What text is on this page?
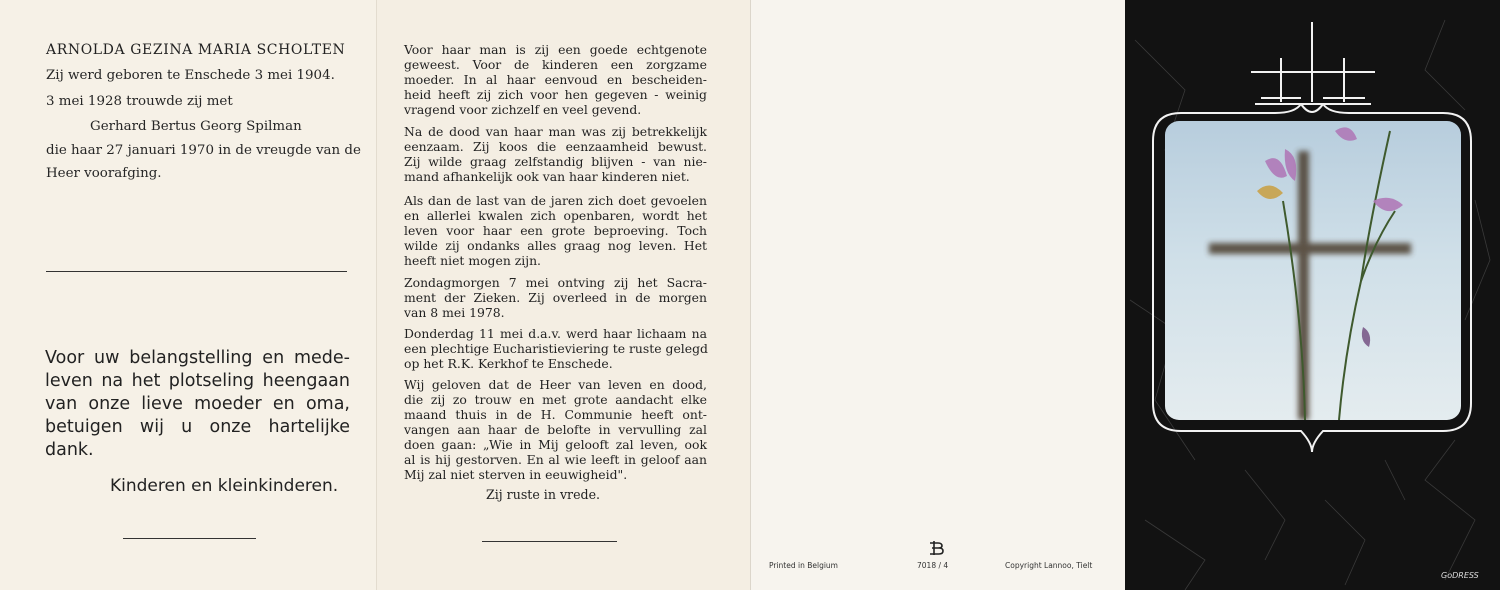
ARNOLDA GEZINA MARIA SCHOLTEN
Zij werd geboren te Enschede 3 mei 1904.
3 mei 1928 trouwde zij met
Gerhard Bertus Georg Spilman
die haar 27 januari 1970 in de vreugde van de
Heer voorafging.
Voor uw belangstelling en mede-
leven na het plotseling heengaan
van onze lieve moeder en oma,
betuigen wij u onze hartelijke
dank.
Kinderen en kleinkinderen.
Voor haar man is zij een goede echtgenote
geweest. Voor de kinderen een zorgzame
moeder. In al haar eenvoud en bescheiden-
heid heeft zij zich voor hen gegeven - weinig
vragend voor zichzelf en veel gevend.
Na de dood van haar man was zij betrekkelijk
eenzaam. Zij koos die eenzaamheid bewust.
Zij wilde graag zelfstandig blijven - van nie-
mand afhankelijk ook van haar kinderen niet.
Als dan de last van de jaren zich doet gevoelen
en allerlei kwalen zich openbaren, wordt het
leven voor haar een grote beproeving. Toch
wilde zij ondanks alles graag nog leven. Het
heeft niet mogen zijn.
Zondagmorgen 7 mei ontving zij het Sacra-
ment der Zieken. Zij overleed in de morgen
van 8 mei 1978.
Donderdag 11 mei d.a.v. werd haar lichaam na
een plechtige Eucharistieviering te ruste gelegd
op het R.K. Kerkhof te Enschede.
Wij geloven dat de Heer van leven en dood,
die zij zo trouw en met grote aandacht elke
maand thuis in de H. Communie heeft ont-
vangen aan haar de belofte in vervulling zal
doen gaan: „Wie in Mij gelooft zal leven, ook
al is hij gestorven. En al wie leeft in geloof aan
Mij zal niet sterven in eeuwigheid".
Zij ruste in vrede.
Printed in Belgium	7018 / 4	Copyright Lannoo, Tielt
GoDRESS
